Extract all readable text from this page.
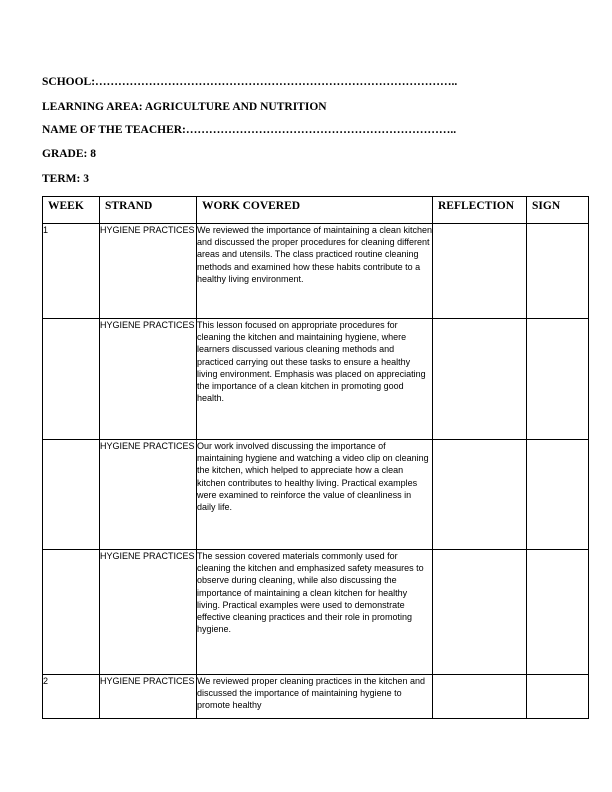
SCHOOL:…………………………………………………………………………………..
LEARNING AREA: AGRICULTURE AND NUTRITION
NAME OF THE TEACHER:……………………………………………………………..
GRADE: 8
TERM: 3
WEEK	STRAND	WORK COVERED	REFLECTION	SIGN
1	HYGIENE PRACTICES	We reviewed the importance of maintaining a clean kitchen and discussed the proper procedures for cleaning different areas and utensils. The class practiced routine cleaning methods and examined how these habits contribute to a healthy living environment.		
	HYGIENE PRACTICES	This lesson focused on appropriate procedures for cleaning the kitchen and maintaining hygiene, where learners discussed various cleaning methods and practiced carrying out these tasks to ensure a healthy living environment. Emphasis was placed on appreciating the importance of a clean kitchen in promoting good health.		
	HYGIENE PRACTICES	Our work involved discussing the importance of maintaining hygiene and watching a video clip on cleaning the kitchen, which helped to appreciate how a clean kitchen contributes to healthy living. Practical examples were examined to reinforce the value of cleanliness in daily life.		
	HYGIENE PRACTICES	The session covered materials commonly used for cleaning the kitchen and emphasized safety measures to observe during cleaning, while also discussing the importance of maintaining a clean kitchen for healthy living. Practical examples were used to demonstrate effective cleaning practices and their role in promoting hygiene.		
2	HYGIENE PRACTICES	We reviewed proper cleaning practices in the kitchen and discussed the importance of maintaining hygiene to promote healthy		
